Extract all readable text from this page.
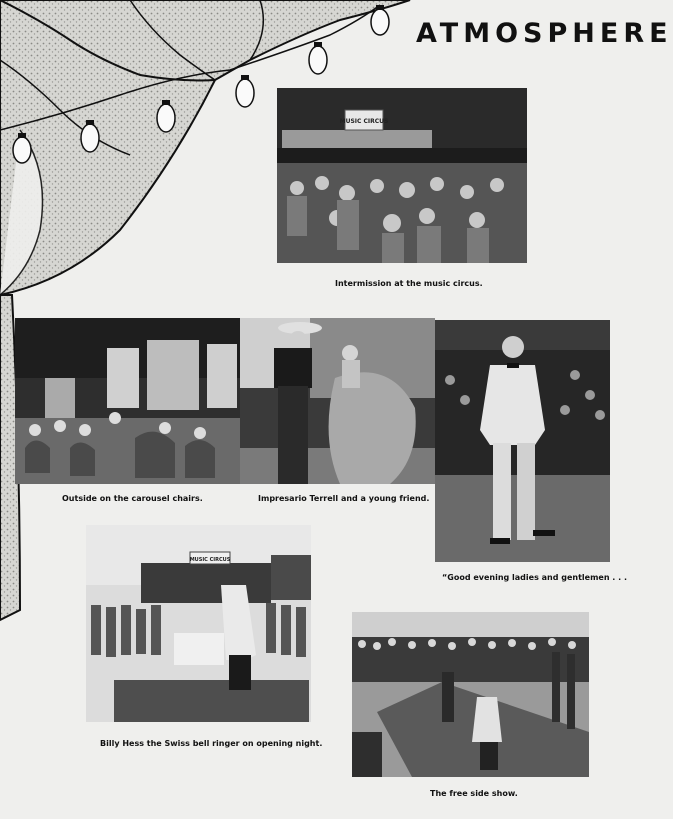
ATMOSPHERE
MUSIC CIRCUS
Intermission at the music circus.
Outside on the carousel chairs.	Impresario Terrell and a young friend.
“Good evening ladies and gentlemen . . .
MUSIC CIRCUS
Billy Hess the Swiss bell ringer on opening night.
The free side show.
